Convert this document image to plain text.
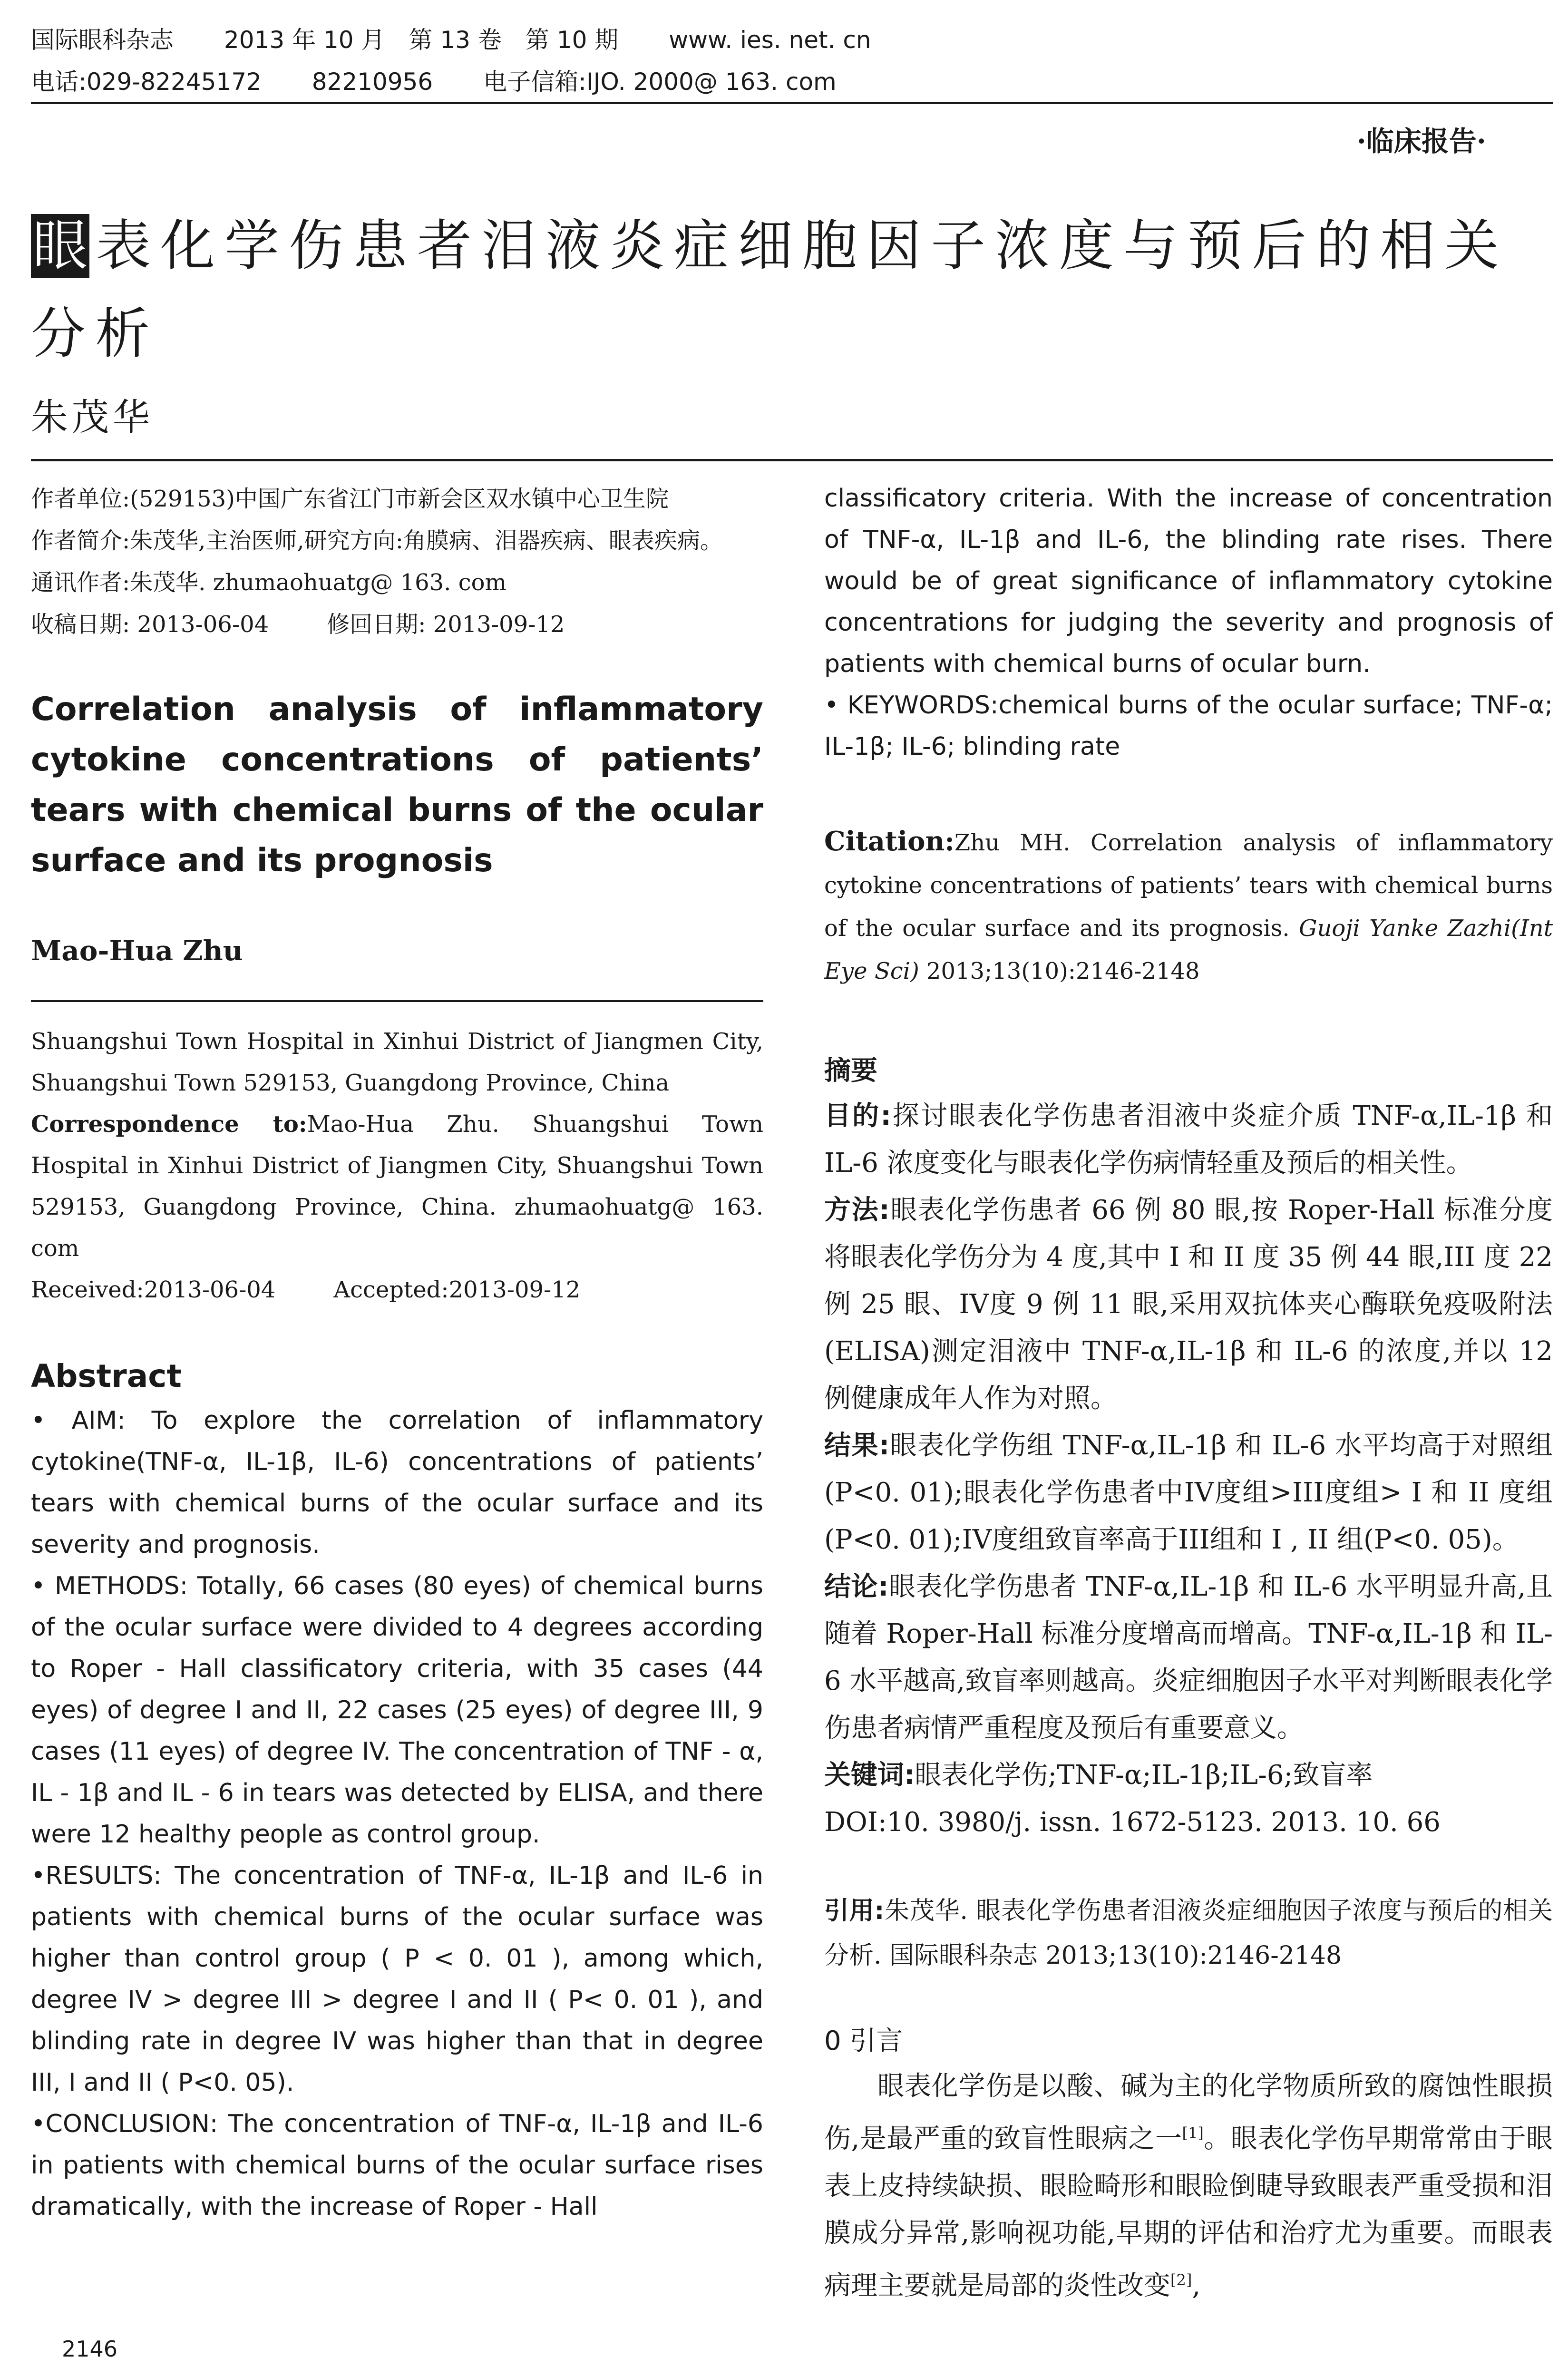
国际眼科杂志 2013 年 10 月　第 13 卷　第 10 期 www. ies. net. cn
电话:029-82245172 82210956 电子信箱:IJO. 2000@ 163. com
·临床报告·
眼 表化学伤患者泪液炎症细胞因子浓度与预后的相关分析
朱茂华

作者单位:(529153)中国广东省江门市新会区双水镇中心卫生院

作者简介:朱茂华,主治医师,研究方向:角膜病、泪器疾病、眼表疾病。

通讯作者:朱茂华. zhumaohuatg@ 163. com

收稿日期: 2013-06-04	修回日期: 2013-09-12

Correlation analysis of inflammatory cytokine concentrations of patients’ tears with chemical burns of the ocular surface and its prognosis
Mao-Hua Zhu

Shuangshui Town Hospital in Xinhui District of Jiangmen City, Shuangshui Town 529153, Guangdong Province, China

Correspondence to:Mao-Hua Zhu. Shuangshui Town Hospital in Xinhui District of Jiangmen City, Shuangshui Town 529153, Guangdong Province, China. zhumaohuatg@ 163. com

Received:2013-06-04	Accepted:2013-09-12

Abstract

• AIM: To explore the correlation of inflammatory cytokine(TNF-α, IL-1β, IL-6) concentrations of patients’ tears with chemical burns of the ocular surface and its severity and prognosis.

• METHODS: Totally, 66 cases (80 eyes) of chemical burns of the ocular surface were divided to 4 degrees according to Roper - Hall classificatory criteria, with 35 cases (44 eyes) of degree I and II, 22 cases (25 eyes) of degree III, 9 cases (11 eyes) of degree IV. The concentration of TNF - α, IL - 1β and IL - 6 in tears was detected by ELISA, and there were 12 healthy people as control group.

•RESULTS: The concentration of TNF-α, IL-1β and IL-6 in patients with chemical burns of the ocular surface was higher than control group ( P < 0. 01 ), among which, degree IV > degree III > degree I and II ( P< 0. 01 ), and blinding rate in degree IV was higher than that in degree III, I and II ( P<0. 05).

•CONCLUSION: The concentration of TNF-α, IL-1β and IL-6 in patients with chemical burns of the ocular surface rises dramatically, with the increase of Roper - Hall

classificatory criteria. With the increase of concentration of TNF-α, IL-1β and IL-6, the blinding rate rises. There would be of great significance of inflammatory cytokine concentrations for judging the severity and prognosis of patients with chemical burns of ocular burn.

• KEYWORDS:chemical burns of the ocular surface; TNF-α; IL-1β; IL-6; blinding rate

Citation:Zhu MH. Correlation analysis of inflammatory cytokine concentrations of patients’ tears with chemical burns of the ocular surface and its prognosis. Guoji Yanke Zazhi(Int Eye Sci) 2013;13(10):2146-2148
摘要

目的:探讨眼表化学伤患者泪液中炎症介质 TNF-α,IL-1β 和 IL-6 浓度变化与眼表化学伤病情轻重及预后的相关性。

方法:眼表化学伤患者 66 例 80 眼,按 Roper-Hall 标准分度将眼表化学伤分为 4 度,其中 I 和 II 度 35 例 44 眼,III 度 22 例 25 眼、IV度 9 例 11 眼,采用双抗体夹心酶联免疫吸附法(ELISA)测定泪液中 TNF-α,IL-1β 和 IL-6 的浓度,并以 12 例健康成年人作为对照。

结果:眼表化学伤组 TNF-α,IL-1β 和 IL-6 水平均高于对照组(P<0. 01);眼表化学伤患者中IV度组>III度组> I 和 II 度组(P<0. 01);IV度组致盲率高于III组和 I , II 组(P<0. 05)。

结论:眼表化学伤患者 TNF-α,IL-1β 和 IL-6 水平明显升高,且随着 Roper-Hall 标准分度增高而增高。TNF-α,IL-1β 和 IL-6 水平越高,致盲率则越高。炎症细胞因子水平对判断眼表化学伤患者病情严重程度及预后有重要意义。

关键词:眼表化学伤;TNF-α;IL-1β;IL-6;致盲率

DOI:10. 3980/j. issn. 1672-5123. 2013. 10. 66

引用:朱茂华. 眼表化学伤患者泪液炎症细胞因子浓度与预后的相关分析. 国际眼科杂志 2013;13(10):2146-2148
0 引言

眼表化学伤是以酸、碱为主的化学物质所致的腐蚀性眼损伤,是最严重的致盲性眼病之一[1]。眼表化学伤早期常常由于眼表上皮持续缺损、眼睑畸形和眼睑倒睫导致眼表严重受损和泪膜成分异常,影响视功能,早期的评估和治疗尤为重要。而眼表病理主要就是局部的炎性改变[2],

2146
